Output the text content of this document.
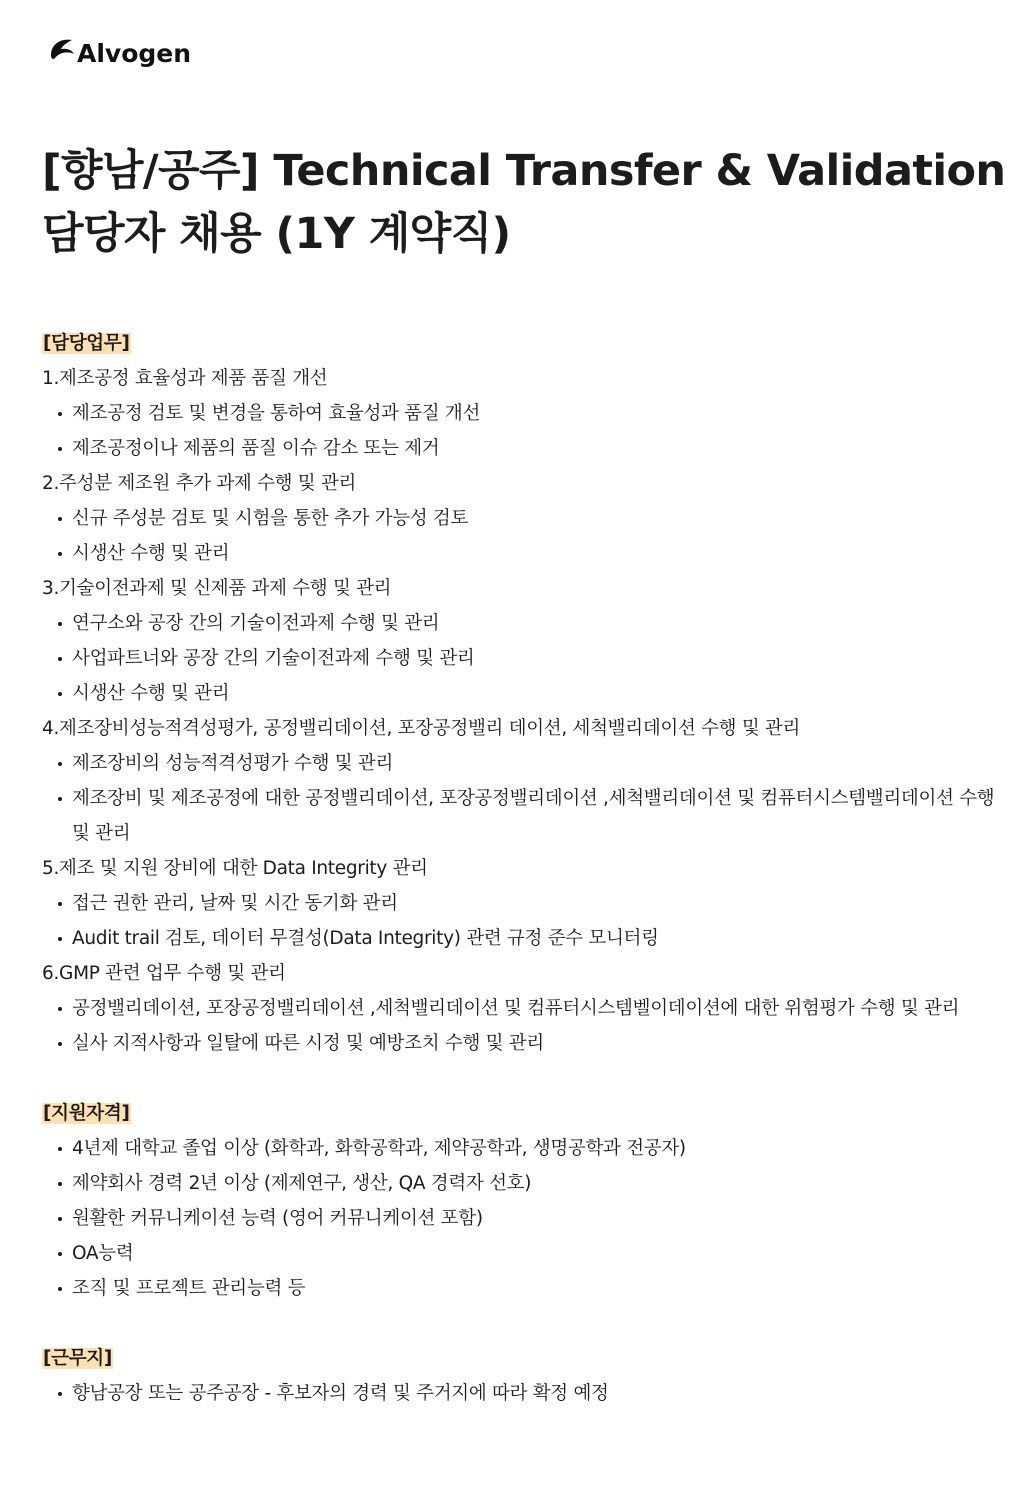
Alvogen
[향남/공주] Technical Transfer & Validation 담당자 채용 (1Y 계약직)
[담당업무]
1.제조공정 효율성과 제품 품질 개선
제조공정 검토 및 변경을 통하여 효율성과 품질 개선
제조공정이나 제품의 품질 이슈 감소 또는 제거
2.주성분 제조원 추가 과제 수행 및 관리
신규 주성분 검토 및 시험을 통한 추가 가능성 검토
시생산 수행 및 관리
3.기술이전과제 및 신제품 과제 수행 및 관리
연구소와 공장 간의 기술이전과제 수행 및 관리
사업파트너와 공장 간의 기술이전과제 수행 및 관리
시생산 수행 및 관리
4.제조장비성능적격성평가, 공정밸리데이션, 포장공정밸리 데이션, 세척밸리데이션 수행 및 관리
제조장비의 성능적격성평가 수행 및 관리
제조장비 및 제조공정에 대한 공정밸리데이션, 포장공정밸리데이션 ,세척밸리데이션 및 컴퓨터시스템밸리데이션 수행
및 관리
5.제조 및 지원 장비에 대한 Data Integrity 관리
접근 권한 관리, 날짜 및 시간 동기화 관리
Audit trail 검토, 데이터 무결성(Data Integrity) 관련 규정 준수 모니터링
6.GMP 관련 업무 수행 및 관리
공정밸리데이션, 포장공정밸리데이션 ,세척밸리데이션 및 컴퓨터시스템벨이데이션에 대한 위험평가 수행 및 관리
실사 지적사항과 일탈에 따른 시정 및 예방조치 수행 및 관리
[지원자격]
4년제 대학교 졸업 이상 (화학과, 화학공학과, 제약공학과, 생명공학과 전공자)
제약회사 경력 2년 이상 (제제연구, 생산, QA 경력자 선호)
원활한 커뮤니케이션 능력 (영어 커뮤니케이션 포함)
OA능력
조직 및 프로젝트 관리능력 등
[근무지]
향남공장 또는 공주공장 - 후보자의 경력 및 주거지에 따라 확정 예정
